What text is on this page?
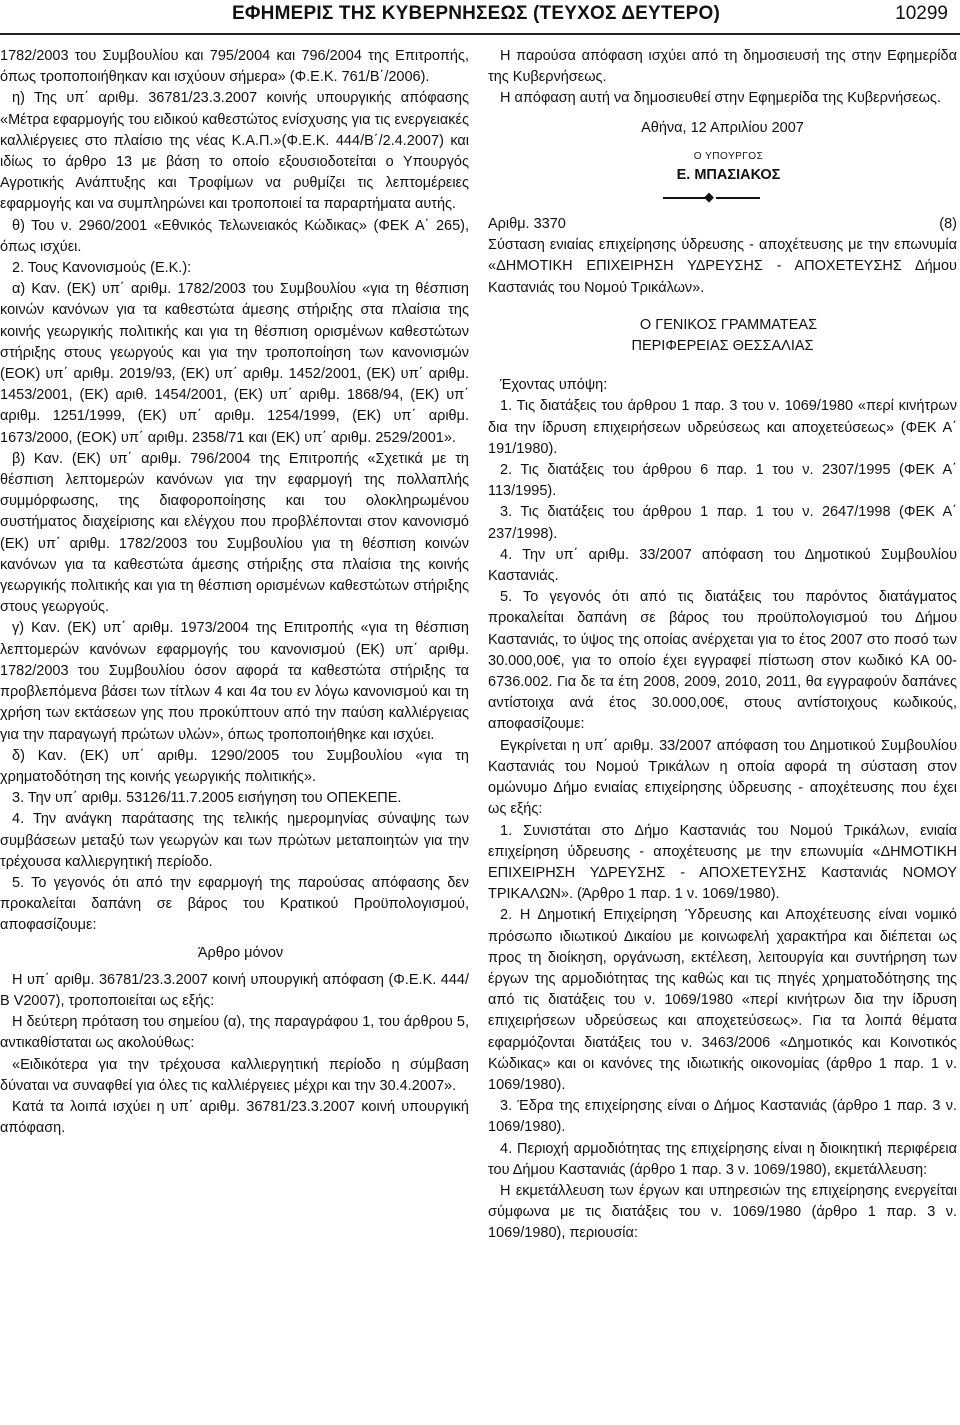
ΕΦΗΜΕΡΙΣ ΤΗΣ ΚΥΒΕΡΝΗΣΕΩΣ (ΤΕΥΧΟΣ ΔΕΥΤΕΡΟ)	10299

1782/2003 του Συμβουλίου και 795/2004 και 796/2004 της Επιτροπής, όπως τροποποιήθηκαν και ισχύουν σήμερα» (Φ.Ε.Κ. 761/Β΄/2006).

η) Της υπ΄ αριθμ. 36781/23.3.2007 κοινής υπουργικής απόφασης «Μέτρα εφαρμογής του ειδικού καθεστώτος ενίσχυσης για τις ενεργειακές καλλιέργειες στο πλαίσιο της νέας Κ.Α.Π.»(Φ.Ε.Κ. 444/Β΄/2.4.2007) και ιδίως το άρθρο 13 με βάση το οποίο εξουσιοδοτείται ο Υπουργός Αγροτικής Ανάπτυξης και Τροφίμων να ρυθμίζει τις λεπτομέρειες εφαρμογής και να συμπληρώνει και τροποποιεί τα παραρτήματα αυτής.

θ) Του ν. 2960/2001 «Εθνικός Τελωνειακός Κώδικας» (ΦΕΚ Α΄ 265), όπως ισχύει.

2. Τους Κανονισμούς (Ε.Κ.):

α) Καν. (ΕΚ) υπ΄ αριθμ. 1782/2003 του Συμβουλίου «για τη θέσπιση κοινών κανόνων για τα καθεστώτα άμεσης στήριξης στα πλαίσια της κοινής γεωργικής πολιτικής και για τη θέσπιση ορισμένων καθεστώτων στήριξης στους γεωργούς και για την τροποποίηση των κανονισμών (ΕΟΚ) υπ΄ αριθμ. 2019/93, (ΕΚ) υπ΄ αριθμ. 1452/2001, (ΕΚ) υπ΄ αριθμ. 1453/2001, (ΕΚ) αριθ. 1454/2001, (ΕΚ) υπ΄ αριθμ. 1868/94, (ΕΚ) υπ΄ αριθμ. 1251/1999, (ΕΚ) υπ΄ αριθμ. 1254/1999, (ΕΚ) υπ΄ αριθμ. 1673/2000, (ΕΟΚ) υπ΄ αριθμ. 2358/71 και (ΕΚ) υπ΄ αριθμ. 2529/2001».

β) Καν. (ΕΚ) υπ΄ αριθμ. 796/2004 της Επιτροπής «Σχετικά με τη θέσπιση λεπτομερών κανόνων για την εφαρμογή της πολλαπλής συμμόρφωσης, της διαφοροποίησης και του ολοκληρωμένου συστήματος διαχείρισης και ελέγχου που προβλέπονται στον κανονισμό (ΕΚ) υπ΄ αριθμ. 1782/2003 του Συμβουλίου για τη θέσπιση κοινών κανόνων για τα καθεστώτα άμεσης στήριξης στα πλαίσια της κοινής γεωργικής πολιτικής και για τη θέσπιση ορισμένων καθεστώτων στήριξης στους γεωργούς.

γ) Καν. (ΕΚ) υπ΄ αριθμ. 1973/2004 της Επιτροπής «για τη θέσπιση λεπτομερών κανόνων εφαρμογής του κανονισμού (ΕΚ) υπ΄ αριθμ. 1782/2003 του Συμβουλίου όσον αφορά τα καθεστώτα στήριξης τα προβλεπόμενα βάσει των τίτλων 4 και 4α του εν λόγω κανονισμού και τη χρήση των εκτάσεων γης που προκύπτουν από την παύση καλλιέργειας για την παραγωγή πρώτων υλών», όπως τροποποιήθηκε και ισχύει.

δ) Καν. (ΕΚ) υπ΄ αριθμ. 1290/2005 του Συμβουλίου «για τη χρηματοδότηση της κοινής γεωργικής πολιτικής».

3. Την υπ΄ αριθμ. 53126/11.7.2005 εισήγηση του ΟΠΕΚΕΠΕ.

4. Την ανάγκη παράτασης της τελικής ημερομηνίας σύναψης των συμβάσεων μεταξύ των γεωργών και των πρώτων μεταποιητών για την τρέχουσα καλλιεργητική περίοδο.

5. Το γεγονός ότι από την εφαρμογή της παρούσας απόφασης δεν προκαλείται δαπάνη σε βάρος του Κρατικού Προϋπολογισμού, αποφασίζουμε:

Άρθρο μόνον

Η υπ΄ αριθμ. 36781/23.3.2007 κοινή υπουργική απόφαση (Φ.Ε.Κ. 444/Β V2007), τροποποιείται ως εξής:

Η δεύτερη πρόταση του σημείου (α), της παραγράφου 1, του άρθρου 5, αντικαθίσταται ως ακολούθως:

«Ειδικότερα για την τρέχουσα καλλιεργητική περίοδο η σύμβαση δύναται να συναφθεί για όλες τις καλλιέργειες μέχρι και την 30.4.2007».

Κατά τα λοιπά ισχύει η υπ΄ αριθμ. 36781/23.3.2007 κοινή υπουργική απόφαση.

Η παρούσα απόφαση ισχύει από τη δημοσιευσή της στην Εφημερίδα της Κυβερνήσεως.

Η απόφαση αυτή να δημοσιευθεί στην Εφημερίδα της Κυβερνήσεως.

Αθήνα, 12 Απριλίου 2007

Ο ΥΠΟΥΡΓΟΣ

Ε. ΜΠΑΣΙΑΚΟΣ

◆
Αριθμ. 3370	(8)

Σύσταση ενιαίας επιχείρησης ύδρευσης - αποχέτευσης με την επωνυμία «ΔΗΜΟΤΙΚΗ ΕΠΙΧΕΙΡΗΣΗ ΥΔΡΕΥΣΗΣ - ΑΠΟΧΕΤΕΥΣΗΣ Δήμου Καστανιάς του Νομού Τρικάλων».

Ο ΓΕΝΙΚΟΣ ΓΡΑΜΜΑΤΕΑΣ

ΠΕΡΙΦΕΡΕΙΑΣ ΘΕΣΣΑΛΙΑΣ

Έχοντας υπόψη:

1. Τις διατάξεις του άρθρου 1 παρ. 3 του ν. 1069/1980 «περί κινήτρων δια την ίδρυση επιχειρήσεων υδρεύσεως και αποχετεύσεως» (ΦΕΚ Α΄ 191/1980).

2. Τις διατάξεις του άρθρου 6 παρ. 1 του ν. 2307/1995 (ΦΕΚ Α΄ 113/1995).

3. Τις διατάξεις του άρθρου 1 παρ. 1 του ν. 2647/1998 (ΦΕΚ Α΄ 237/1998).

4. Την υπ΄ αριθμ. 33/2007 απόφαση του Δημοτικού Συμβουλίου Καστανιάς.

5. Το γεγονός ότι από τις διατάξεις του παρόντος διατάγματος προκαλείται δαπάνη σε βάρος του προϋπολογισμού του Δήμου Καστανιάς, το ύψος της οποίας ανέρχεται για το έτος 2007 στο ποσό των 30.000,00€, για το οποίο έχει εγγραφεί πίστωση στον κωδικό ΚΑ 00-6736.002. Για δε τα έτη 2008, 2009, 2010, 2011, θα εγγραφούν δαπάνες αντίστοιχα ανά έτος 30.000,00€, στους αντίστοιχους κωδικούς, αποφασίζουμε:

Εγκρίνεται η υπ΄ αριθμ. 33/2007 απόφαση του Δημοτικού Συμβουλίου Καστανιάς του Νομού Τρικάλων η οποία αφορά τη σύσταση στον ομώνυμο Δήμο ενιαίας επιχείρησης ύδρευσης - αποχέτευσης που έχει ως εξής:

1. Συνιστάται στο Δήμο Καστανιάς του Νομού Τρικάλων, ενιαία επιχείρηση ύδρευσης - αποχέτευσης με την επωνυμία «ΔΗΜΟΤΙΚΗ ΕΠΙΧΕΙΡΗΣΗ ΥΔΡΕΥΣΗΣ - ΑΠΟΧΕΤΕΥΣΗΣ Καστανιάς ΝΟΜΟΥ ΤΡΙΚΑΛΩΝ». (Άρθρο 1 παρ. 1 ν. 1069/1980).

2. Η Δημοτική Επιχείρηση Ύδρευσης και Αποχέτευσης είναι νομικό πρόσωπο ιδιωτικού Δικαίου με κοινωφελή χαρακτήρα και διέπεται ως προς τη διοίκηση, οργάνωση, εκτέλεση, λειτουργία και συντήρηση των έργων της αρμοδιότητας της καθώς και τις πηγές χρηματοδότησης της από τις διατάξεις του ν. 1069/1980 «περί κινήτρων δια την ίδρυση επιχειρήσεων υδρεύσεως και αποχετεύσεως». Για τα λοιπά θέματα εφαρμόζονται διατάξεις του ν. 3463/2006 «Δημοτικός και Κοινοτικός Κώδικας» και οι κανόνες της ιδιωτικής οικονομίας (άρθρο 1 παρ. 1 ν. 1069/1980).

3. Έδρα της επιχείρησης είναι ο Δήμος Καστανιάς (άρθρο 1 παρ. 3 ν. 1069/1980).

4. Περιοχή αρμοδιότητας της επιχείρησης είναι η διοικητική περιφέρεια του Δήμου Καστανιάς (άρθρο 1 παρ. 3 ν. 1069/1980), εκμετάλλευση:

Η εκμετάλλευση των έργων και υπηρεσιών της επιχείρησης ενεργείται σύμφωνα με τις διατάξεις του ν. 1069/1980 (άρθρο 1 παρ. 3 ν. 1069/1980), περιουσία:
